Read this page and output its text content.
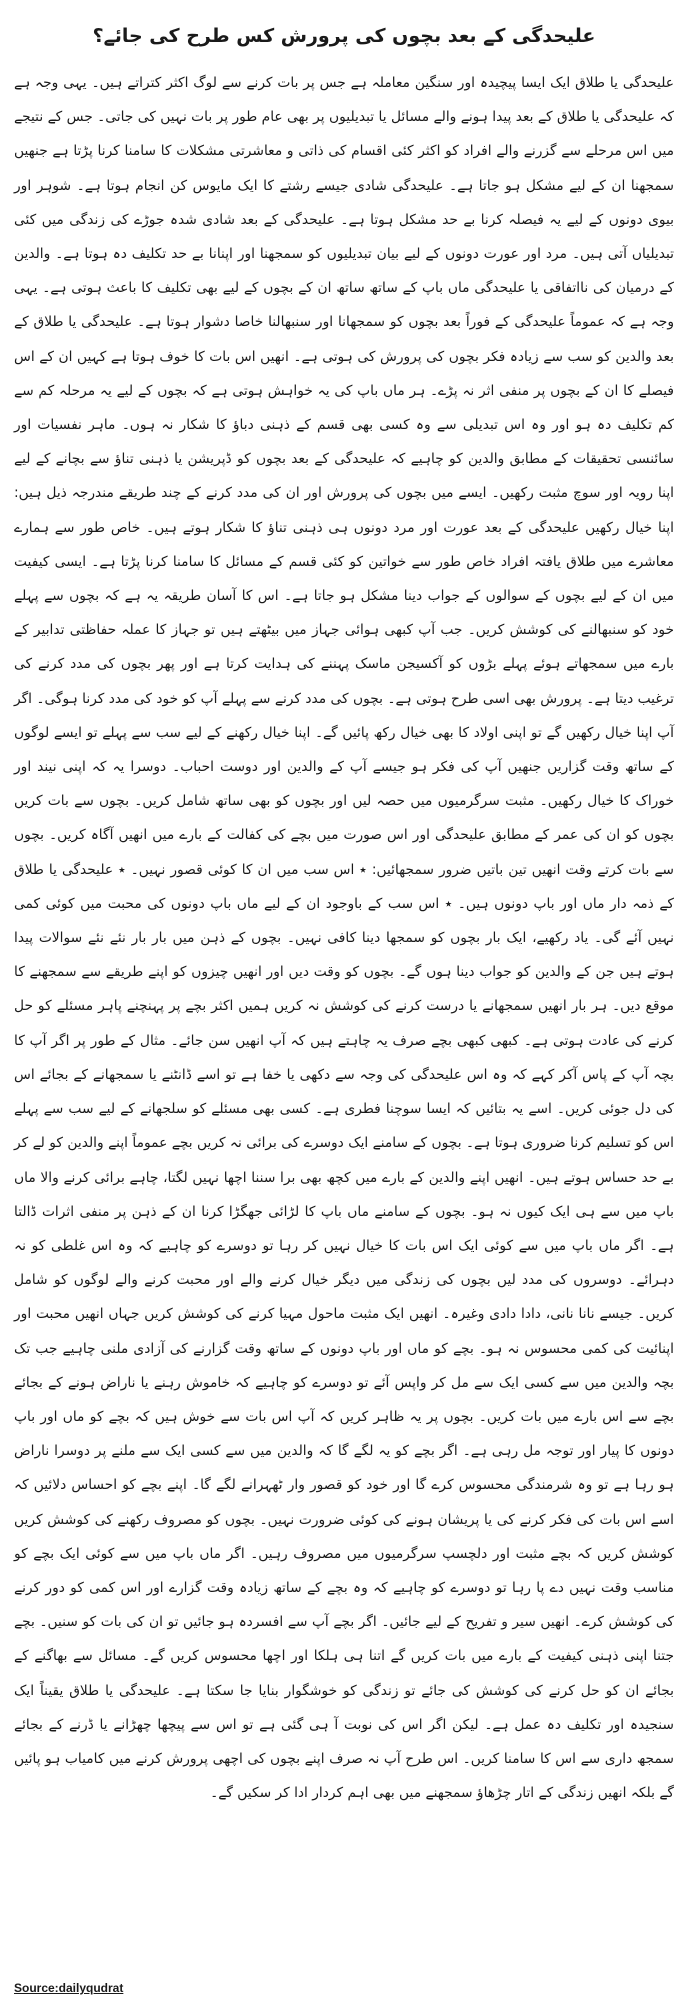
علیحدگی کے بعد بچوں کی پرورش کس طرح کی جائے؟

علیحدگی یا طلاق ایک ایسا پیچیدہ اور سنگین معاملہ ہے جس پر بات کرنے سے لوگ اکثر کتراتے ہیں۔ یہی وجہ ہے کہ علیحدگی یا طلاق کے بعد پیدا ہونے والے مسائل یا تبدیلیوں پر بھی عام طور پر بات نہیں کی جاتی۔ جس کے نتیجے میں اس مرحلے سے گزرنے والے افراد کو اکثر کئی اقسام کی ذاتی و معاشرتی مشکلات کا سامنا کرنا پڑتا ہے جنھیں سمجھنا ان کے لیے مشکل ہو جاتا ہے۔ علیحدگی شادی جیسے رشتے کا ایک مایوس کن انجام ہوتا ہے۔ شوہر اور بیوی دونوں کے لیے یہ فیصلہ کرنا بے حد مشکل ہوتا ہے۔ علیحدگی کے بعد شادی شدہ جوڑے کی زندگی میں کئی تبدیلیاں آتی ہیں۔ مرد اور عورت دونوں کے لیے بیان تبدیلیوں کو سمجھنا اور اپنانا بے حد تکلیف دہ ہوتا ہے۔ والدین کے درمیان کی نااتفاقی یا علیحدگی ماں باپ کے ساتھ ساتھ ان کے بچوں کے لیے بھی تکلیف کا باعث ہوتی ہے۔ یہی وجہ ہے کہ عموماً علیحدگی کے فوراً بعد بچوں کو سمجھانا اور سنبھالنا خاصا دشوار ہوتا ہے۔ علیحدگی یا طلاق کے بعد والدین کو سب سے زیادہ فکر بچوں کی پرورش کی ہوتی ہے۔ انھیں اس بات کا خوف ہوتا ہے کہیں ان کے اس فیصلے کا ان کے بچوں پر منفی اثر نہ پڑے۔ ہر ماں باپ کی یہ خواہش ہوتی ہے کہ بچوں کے لیے یہ مرحلہ کم سے کم تکلیف دہ ہو اور وہ اس تبدیلی سے وہ کسی بھی قسم کے ذہنی دباؤ کا شکار نہ ہوں۔ ماہر نفسیات اور سائنسی تحقیقات کے مطابق والدین کو چاہیے کہ علیحدگی کے بعد بچوں کو ڈپریشن یا ذہنی تناؤ سے بچانے کے لیے اپنا رویہ اور سوچ مثبت رکھیں۔ ایسے میں بچوں کی پرورش اور ان کی مدد کرنے کے چند طریقے مندرجہ ذیل ہیں: اپنا خیال رکھیں علیحدگی کے بعد عورت اور مرد دونوں ہی ذہنی تناؤ کا شکار ہوتے ہیں۔ خاص طور سے ہمارے معاشرے میں طلاق یافتہ افراد خاص طور سے خواتین کو کئی قسم کے مسائل کا سامنا کرنا پڑتا ہے۔ ایسی کیفیت میں ان کے لیے بچوں کے سوالوں کے جواب دینا مشکل ہو جاتا ہے۔ اس کا آسان طریقہ یہ ہے کہ بچوں سے پہلے خود کو سنبھالنے کی کوشش کریں۔ جب آپ کبھی ہوائی جہاز میں بیٹھتے ہیں تو جہاز کا عملہ حفاظتی تدابیر کے بارے میں سمجھاتے ہوئے پہلے بڑوں کو آکسیجن ماسک پہننے کی ہدایت کرتا ہے اور پھر بچوں کی مدد کرنے کی ترغیب دیتا ہے۔ پرورش بھی اسی طرح ہوتی ہے۔ بچوں کی مدد کرنے سے پہلے آپ کو خود کی مدد کرنا ہوگی۔ اگر آپ اپنا خیال رکھیں گے تو اپنی اولاد کا بھی خیال رکھ پائیں گے۔ اپنا خیال رکھنے کے لیے سب سے پہلے تو ایسے لوگوں کے ساتھ وقت گزاریں جنھیں آپ کی فکر ہو جیسے آپ کے والدین اور دوست احباب۔ دوسرا یہ کہ اپنی نیند اور خوراک کا خیال رکھیں۔ مثبت سرگرمیوں میں حصہ لیں اور بچوں کو بھی ساتھ شامل کریں۔ بچوں سے بات کریں بچوں کو ان کی عمر کے مطابق علیحدگی اور اس صورت میں بچے کی کفالت کے بارے میں انھیں آگاہ کریں۔ بچوں سے بات کرتے وقت انھیں تین باتیں ضرور سمجھائیں: ٭ اس سب میں ان کا کوئی قصور نہیں۔ ٭ علیحدگی یا طلاق کے ذمہ دار ماں اور باپ دونوں ہیں۔ ٭ اس سب کے باوجود ان کے لیے ماں باپ دونوں کی محبت میں کوئی کمی نہیں آئے گی۔ یاد رکھیے، ایک بار بچوں کو سمجھا دینا کافی نہیں۔ بچوں کے ذہن میں بار بار نئے نئے سوالات پیدا ہوتے ہیں جن کے والدین کو جواب دینا ہوں گے۔ بچوں کو وقت دیں اور انھیں چیزوں کو اپنے طریقے سے سمجھنے کا موقع دیں۔ ہر بار انھیں سمجھانے یا درست کرنے کی کوشش نہ کریں ہمیں اکثر بچے پر پہنچنے پاہر مسئلے کو حل کرنے کی عادت ہوتی ہے۔ کبھی کبھی بچے صرف یہ چاہتے ہیں کہ آپ انھیں سن جائے۔ مثال کے طور پر اگر آپ کا بچہ آپ کے پاس آکر کہے کہ وہ اس علیحدگی کی وجہ سے دکھی یا خفا ہے تو اسے ڈانٹنے یا سمجھانے کے بجائے اس کی دل جوئی کریں۔ اسے یہ بتائیں کہ ایسا سوچنا فطری ہے۔ کسی بھی مسئلے کو سلجھانے کے لیے سب سے پہلے اس کو تسلیم کرنا ضروری ہوتا ہے۔ بچوں کے سامنے ایک دوسرے کی برائی نہ کریں بچے عموماً اپنے والدین کو لے کر بے حد حساس ہوتے ہیں۔ انھیں اپنے والدین کے بارے میں کچھ بھی برا سننا اچھا نہیں لگتا، چاہے برائی کرنے والا ماں باپ میں سے ہی ایک کیوں نہ ہو۔ بچوں کے سامنے ماں باپ کا لڑائی جھگڑا کرنا ان کے ذہن پر منفی اثرات ڈالتا ہے۔ اگر ماں باپ میں سے کوئی ایک اس بات کا خیال نہیں کر رہا تو دوسرے کو چاہیے کہ وہ اس غلطی کو نہ دہرائے۔ دوسروں کی مدد لیں بچوں کی زندگی میں دیگر خیال کرنے والے اور محبت کرنے والے لوگوں کو شامل کریں۔ جیسے نانا نانی، دادا دادی وغیرہ۔ انھیں ایک مثبت ماحول مہیا کرنے کی کوشش کریں جہاں انھیں محبت اور اپنائیت کی کمی محسوس نہ ہو۔ بچے کو ماں اور باپ دونوں کے ساتھ وقت گزارنے کی آزادی ملنی چاہیے جب تک بچہ والدین میں سے کسی ایک سے مل کر واپس آئے تو دوسرے کو چاہیے کہ خاموش رہنے یا ناراض ہونے کے بجائے بچے سے اس بارے میں بات کریں۔ بچوں پر یہ ظاہر کریں کہ آپ اس بات سے خوش ہیں کہ بچے کو ماں اور باپ دونوں کا پیار اور توجہ مل رہی ہے۔ اگر بچے کو یہ لگے گا کہ والدین میں سے کسی ایک سے ملنے پر دوسرا ناراض ہو رہا ہے تو وہ شرمندگی محسوس کرے گا اور خود کو قصور وار ٹھہرانے لگے گا۔ اپنے بچے کو احساس دلائیں کہ اسے اس بات کی فکر کرنے کی یا پریشان ہونے کی کوئی ضرورت نہیں۔ بچوں کو مصروف رکھنے کی کوشش کریں کوشش کریں کہ بچے مثبت اور دلچسپ سرگرمیوں میں مصروف رہیں۔ اگر ماں باپ میں سے کوئی ایک بچے کو مناسب وقت نہیں دے پا رہا تو دوسرے کو چاہیے کہ وہ بچے کے ساتھ زیادہ وقت گزارے اور اس کمی کو دور کرنے کی کوشش کرے۔ انھیں سیر و تفریح کے لیے جائیں۔ اگر بچے آپ سے افسردہ ہو جائیں تو ان کی بات کو سنیں۔ بچے جتنا اپنی ذہنی کیفیت کے بارے میں بات کریں گے اتنا ہی ہلکا اور اچھا محسوس کریں گے۔ مسائل سے بھاگنے کے بجائے ان کو حل کرنے کی کوشش کی جائے تو زندگی کو خوشگوار بنایا جا سکتا ہے۔ علیحدگی یا طلاق یقیناً ایک سنجیدہ اور تکلیف دہ عمل ہے۔ لیکن اگر اس کی نوبت آ ہی گئی ہے تو اس سے پیچھا چھڑانے یا ڈرنے کے بجائے سمجھ داری سے اس کا سامنا کریں۔ اس طرح آپ نہ صرف اپنے بچوں کی اچھی پرورش کرنے میں کامیاب ہو پائیں گے بلکہ انھیں زندگی کے اتار چڑھاؤ سمجھنے میں بھی اہم کردار ادا کر سکیں گے۔

Source:dailyqudrat
